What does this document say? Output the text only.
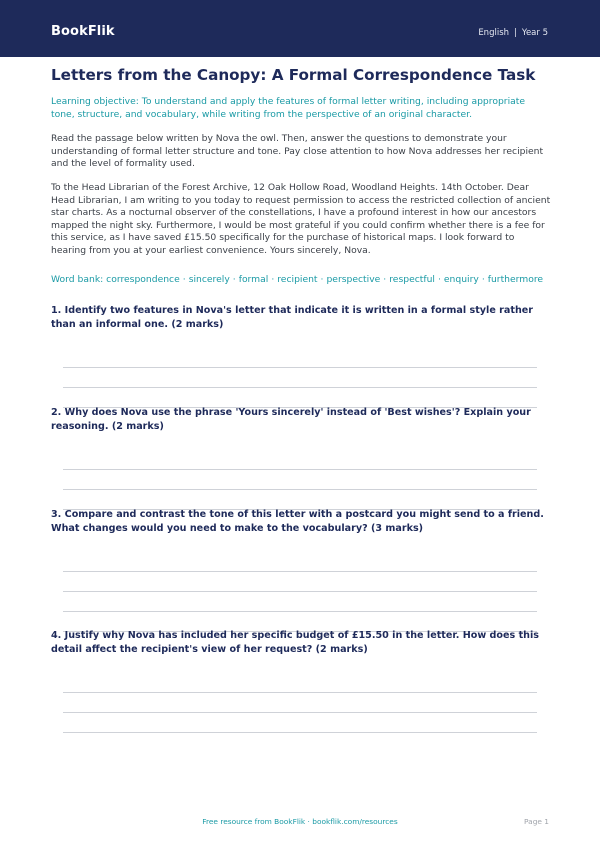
BookFlik	English | Year 5
Letters from the Canopy: A Formal Correspondence Task
Learning objective: To understand and apply the features of formal letter writing, including appropriate tone, structure, and vocabulary, while writing from the perspective of an original character.
Read the passage below written by Nova the owl. Then, answer the questions to demonstrate your understanding of formal letter structure and tone. Pay close attention to how Nova addresses her recipient and the level of formality used.
To the Head Librarian of the Forest Archive, 12 Oak Hollow Road, Woodland Heights. 14th October. Dear Head Librarian, I am writing to you today to request permission to access the restricted collection of ancient star charts. As a nocturnal observer of the constellations, I have a profound interest in how our ancestors mapped the night sky. Furthermore, I would be most grateful if you could confirm whether there is a fee for this service, as I have saved £15.50 specifically for the purchase of historical maps. I look forward to hearing from you at your earliest convenience. Yours sincerely, Nova.
Word bank: correspondence · sincerely · formal · recipient · perspective · respectful · enquiry · furthermore
1. Identify two features in Nova's letter that indicate it is written in a formal style rather than an informal one. (2 marks)
2. Why does Nova use the phrase 'Yours sincerely' instead of 'Best wishes'? Explain your reasoning. (2 marks)
3. Compare and contrast the tone of this letter with a postcard you might send to a friend. What changes would you need to make to the vocabulary? (3 marks)
4. Justify why Nova has included her specific budget of £15.50 in the letter. How does this detail affect the recipient's view of her request? (2 marks)
Free resource from BookFlik · bookflik.com/resources	Page 1
